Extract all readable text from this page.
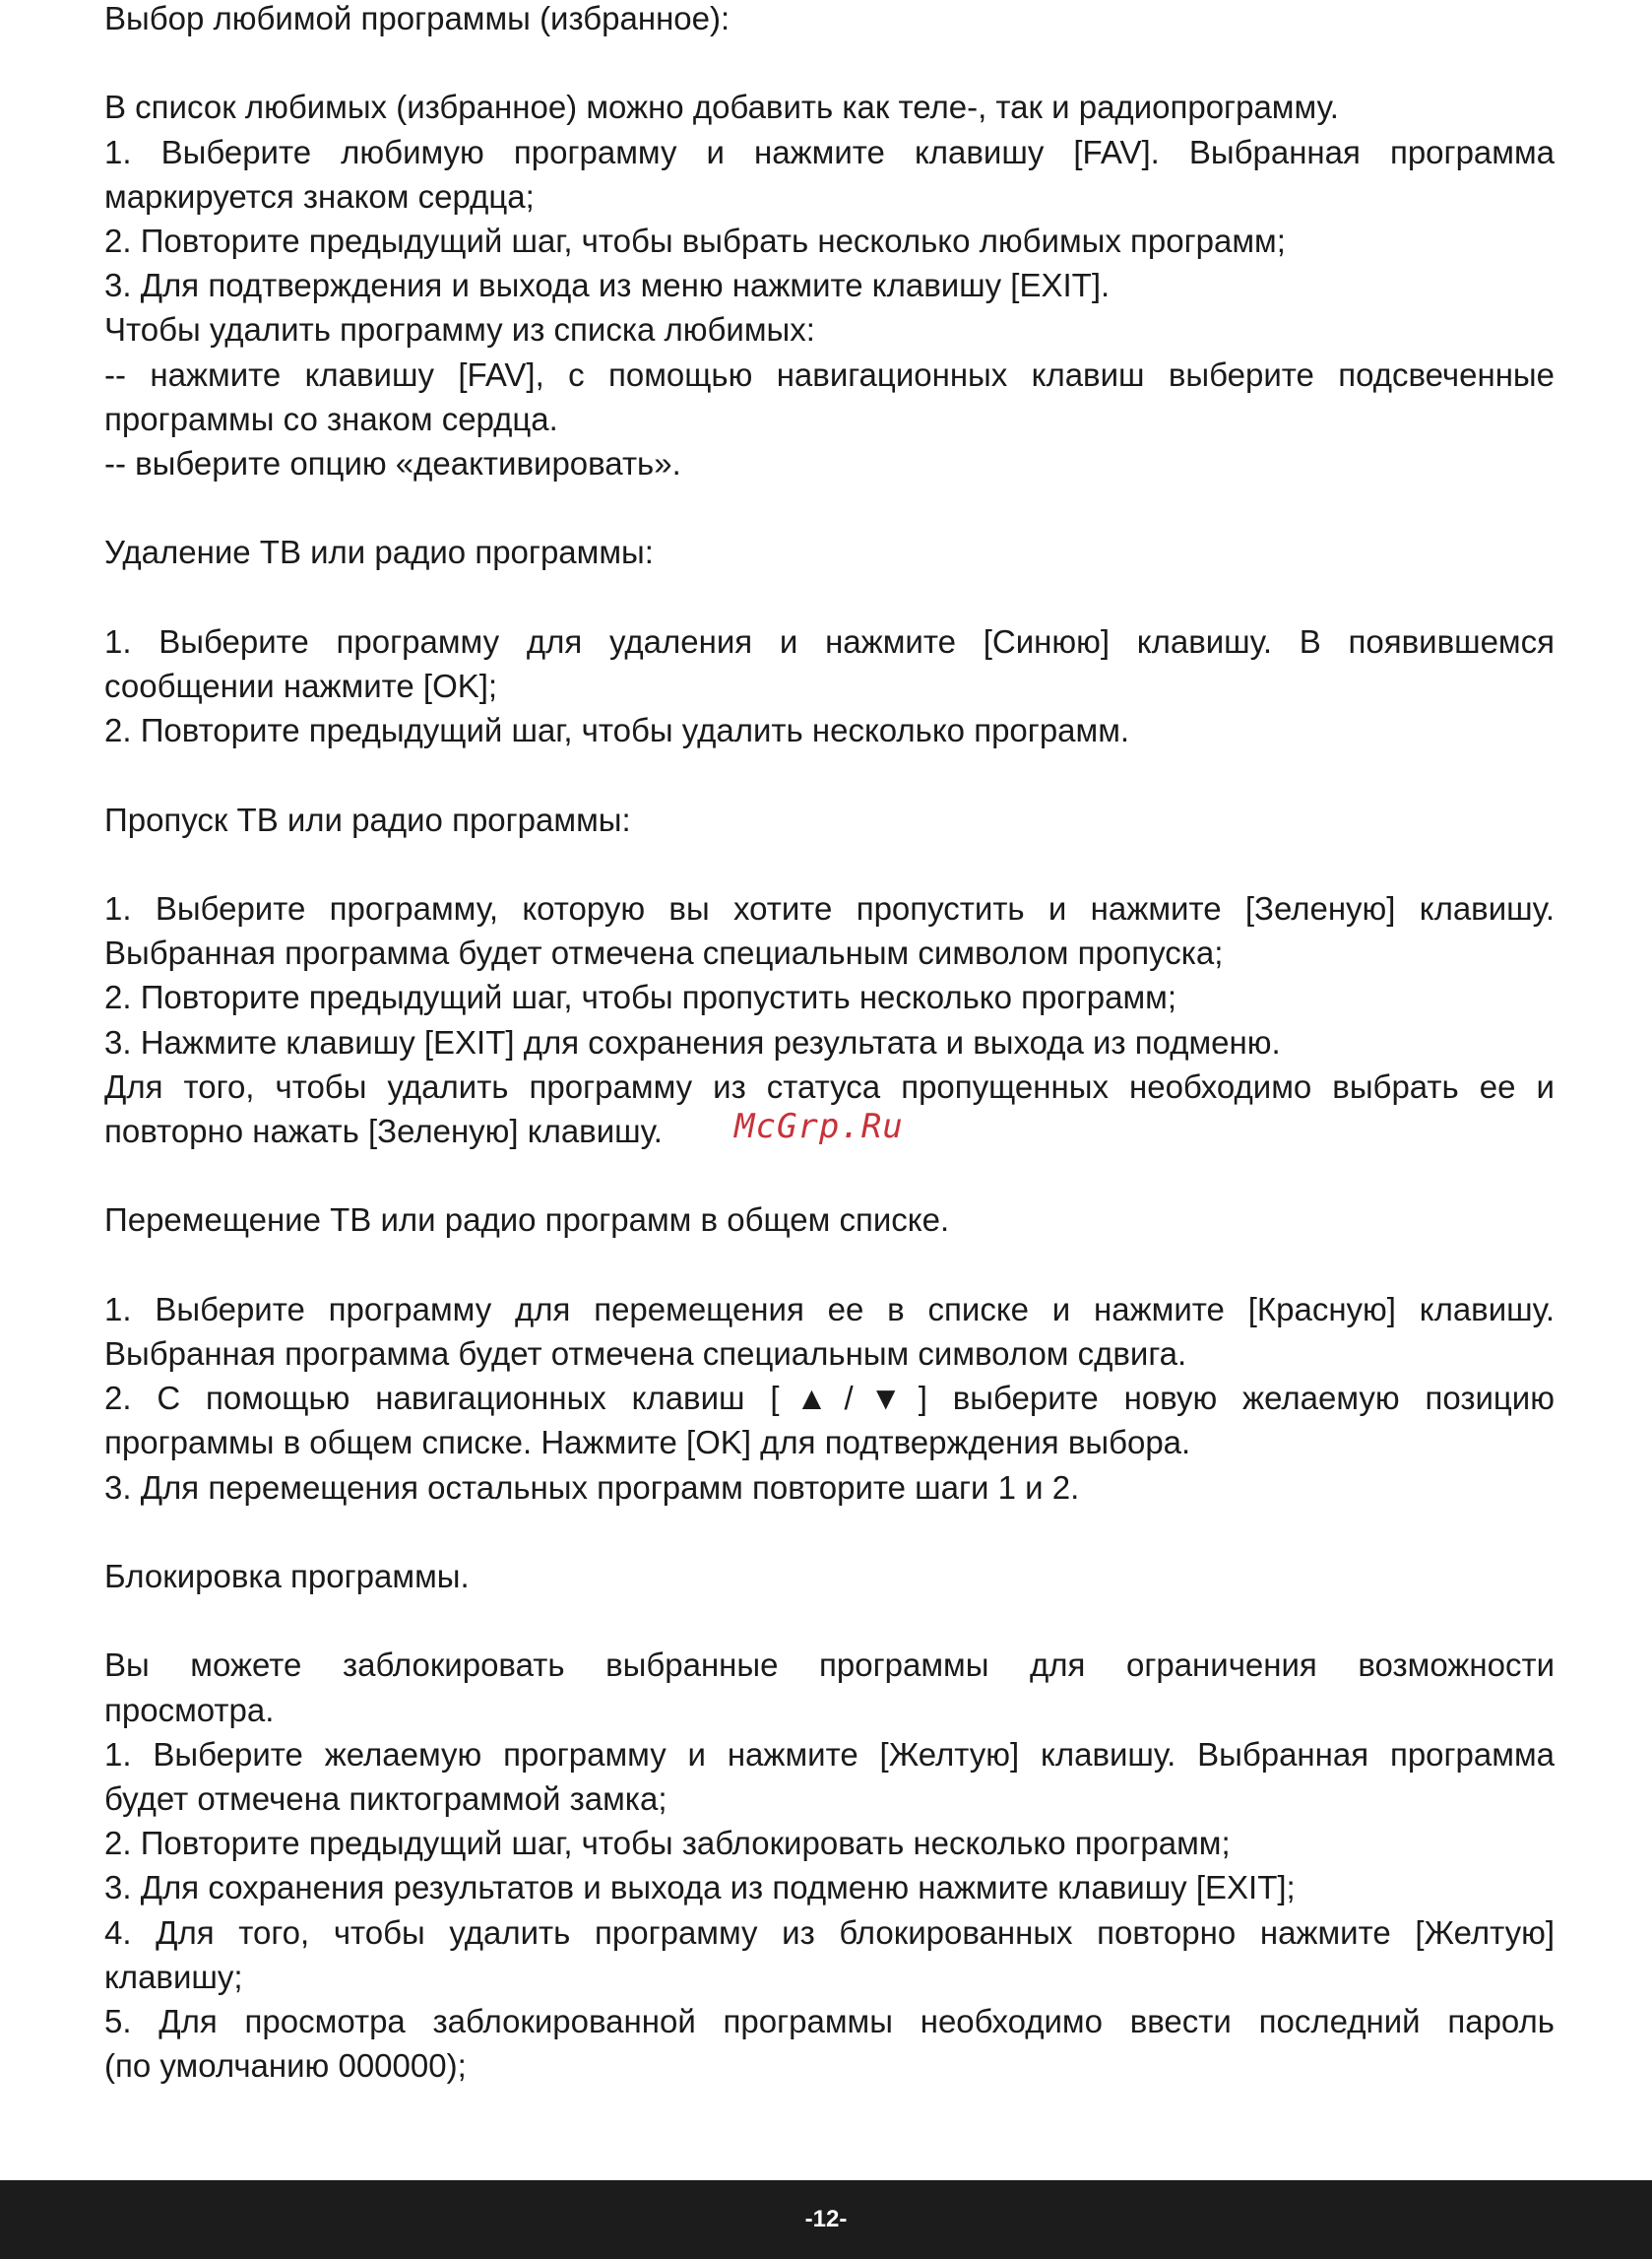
Выбор любимой программы (избранное):
В список любимых (избранное) можно добавить как теле-, так и радиопрограмму.
1. Выберите любимую программу и нажмите клавишу [FAV]. Выбранная программа
маркируется знаком сердца;
2. Повторите предыдущий шаг, чтобы выбрать несколько любимых программ;
3. Для подтверждения и выхода из меню нажмите клавишу [EXIT].
Чтобы удалить программу из списка любимых:
-- нажмите клавишу [FAV], с помощью навигационных клавиш выберите подсвеченные
программы со знаком сердца.
-- выберите опцию «деактивировать».
Удаление ТВ или радио программы:
1. Выберите программу для удаления и нажмите [Синюю] клавишу. В появившемся
сообщении нажмите [OK];
2. Повторите предыдущий шаг, чтобы удалить несколько программ.
Пропуск ТВ или радио программы:
1. Выберите программу, которую вы хотите пропустить и нажмите [Зеленую] клавишу.
Выбранная программа будет отмечена специальным символом пропуска;
2. Повторите предыдущий шаг, чтобы пропустить несколько программ;
3. Нажмите клавишу [EXIT] для сохранения результата и выхода из подменю.
Для того, чтобы удалить программу из статуса пропущенных необходимо выбрать ее и
повторно нажать [Зеленую] клавишу.
Перемещение ТВ или радио программ в общем списке.
1. Выберите программу для перемещения ее в списке и нажмите [Красную] клавишу.
Выбранная программа будет отмечена специальным символом сдвига.
2. С помощью навигационных клавиш [▲/▼] выберите новую желаемую позицию
программы в общем списке. Нажмите [OK] для подтверждения выбора.
3. Для перемещения остальных программ повторите шаги 1 и 2.
Блокировка программы.
Вы можете заблокировать выбранные программы для ограничения возможности
просмотра.
1. Выберите желаемую программу и нажмите [Желтую] клавишу. Выбранная программа
будет отмечена пиктограммой замка;
2. Повторите предыдущий шаг, чтобы заблокировать несколько программ;
3. Для сохранения результатов и выхода из подменю нажмите клавишу [EXIT];
4. Для того, чтобы удалить программу из блокированных повторно нажмите [Желтую]
клавишу;
5. Для просмотра заблокированной программы необходимо ввести последний пароль
(по умолчанию 000000);
McGrp.Ru
-12-
